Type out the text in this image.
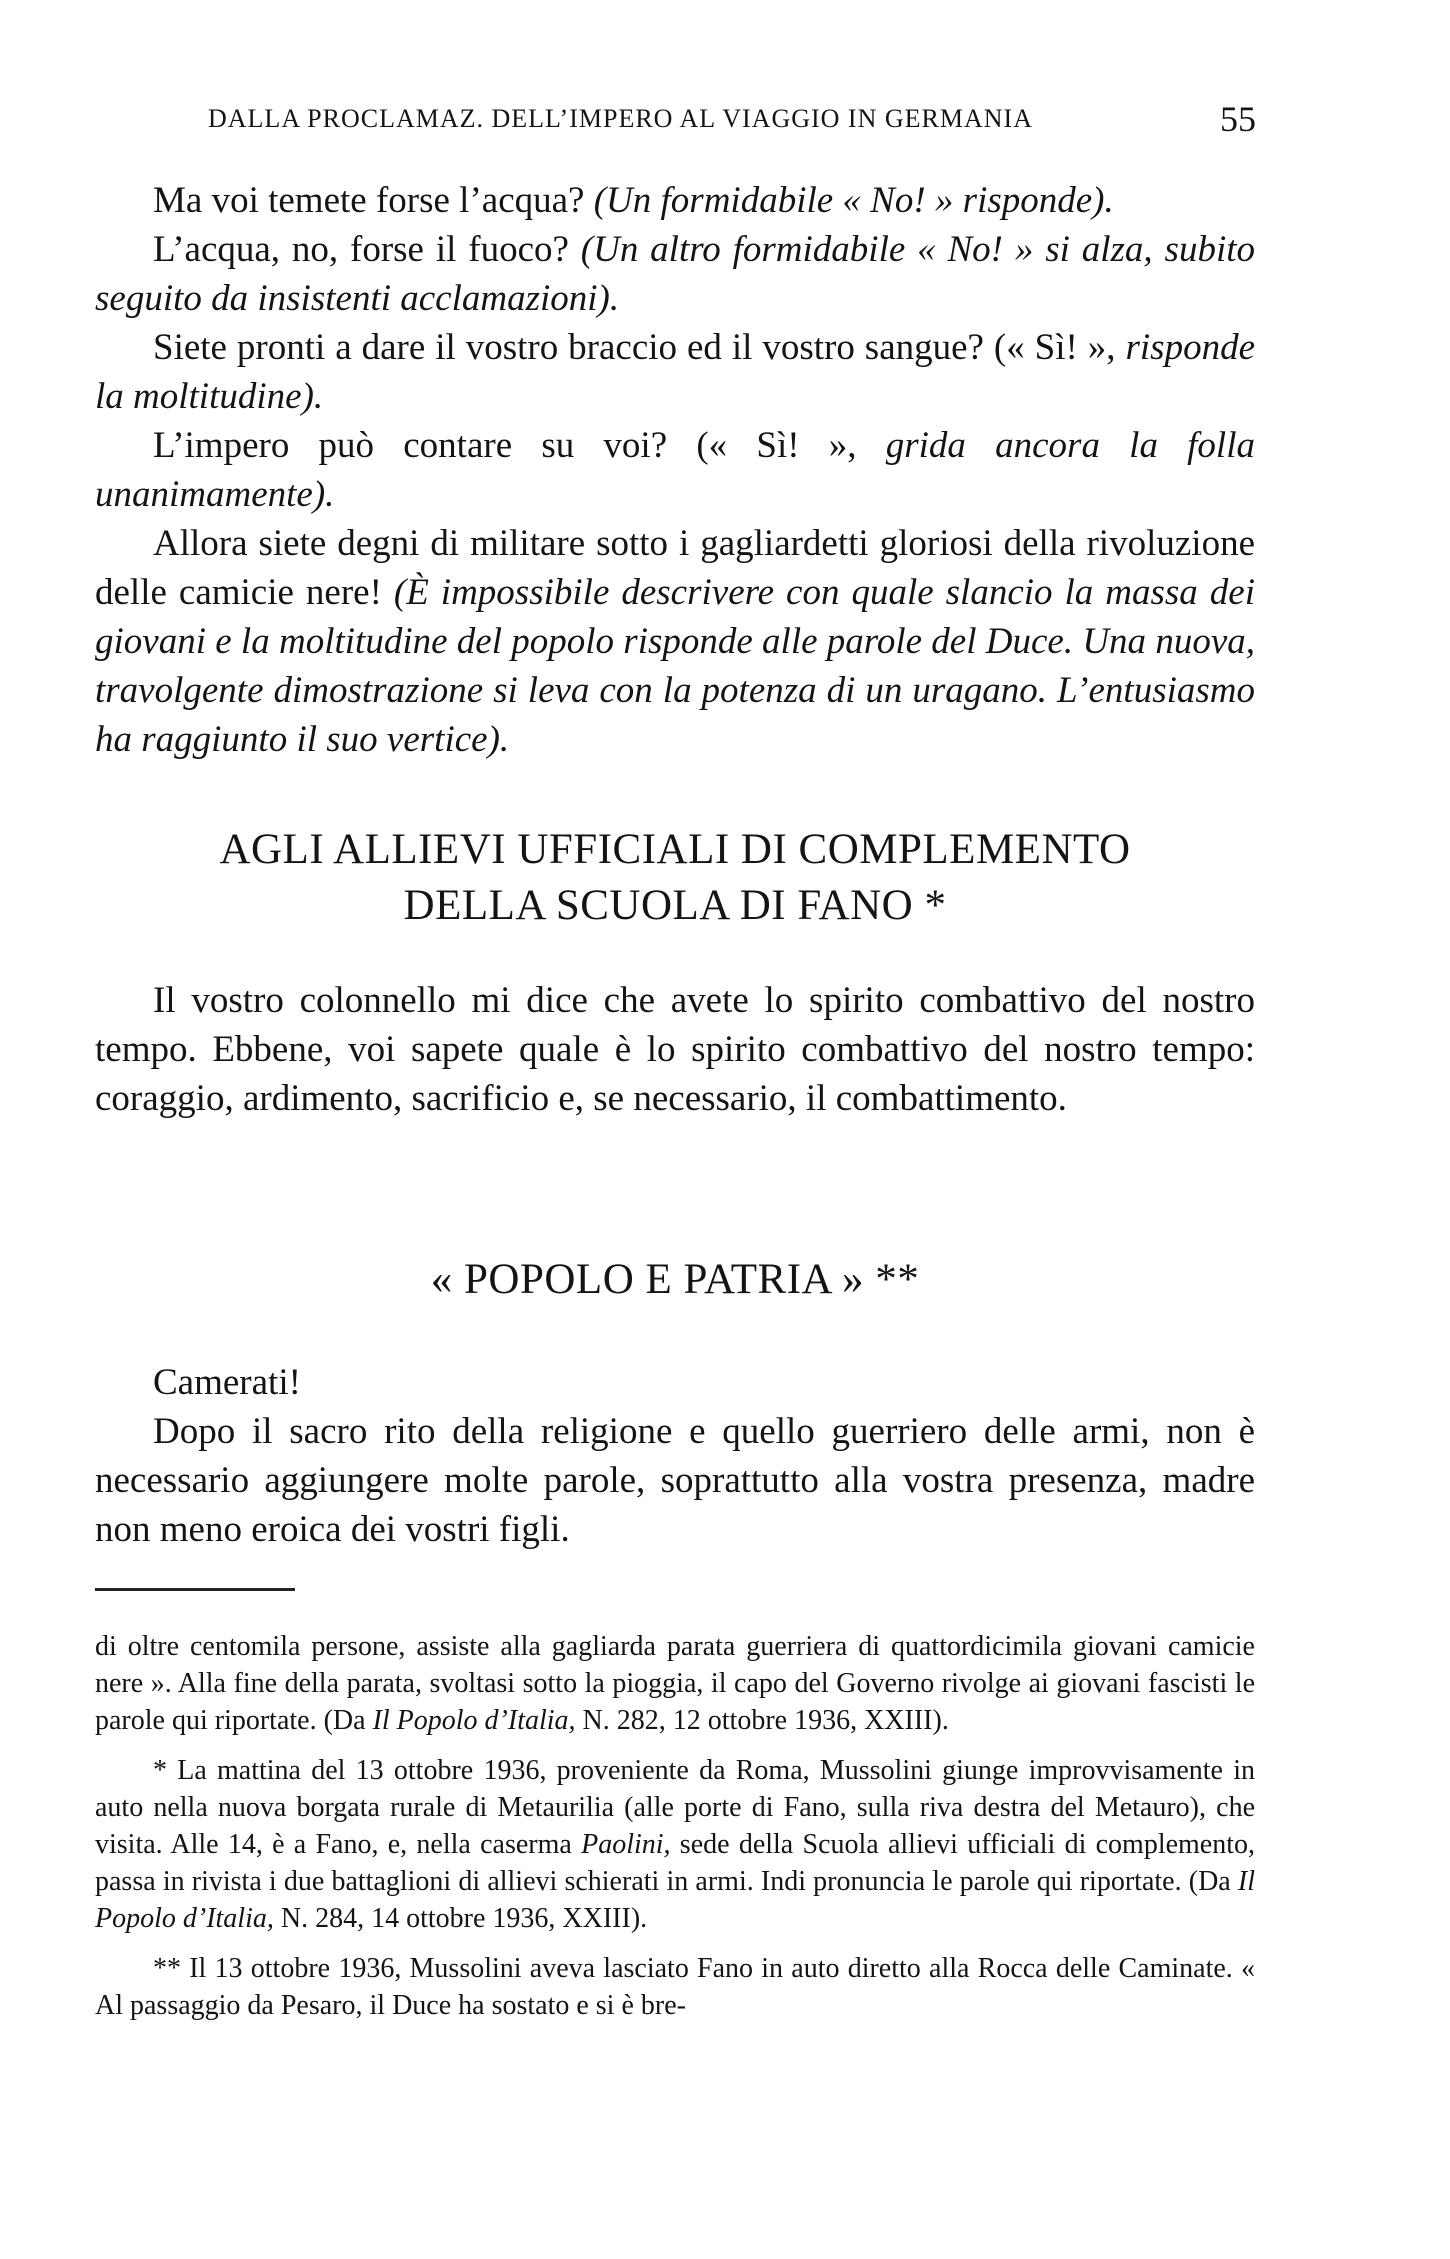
DALLA PROCLAMAZ. DELL’IMPERO AL VIAGGIO IN GERMANIA	55

Ma voi temete forse l’acqua? (Un formidabile « No! » risponde).

L’acqua, no, forse il fuoco? (Un altro formidabile « No! » si alza, subito seguito da insistenti acclamazioni).

Siete pronti a dare il vostro braccio ed il vostro sangue? (« Sì! », risponde la moltitudine).

L’impero può contare su voi? (« Sì! », grida ancora la folla unanimamente).

Allora siete degni di militare sotto i gagliardetti gloriosi della rivoluzione delle camicie nere! (È impossibile descrivere con quale slancio la massa dei giovani e la moltitudine del popolo risponde alle parole del Duce. Una nuova, travolgente dimostrazione si leva con la potenza di un uragano. L’entusiasmo ha raggiunto il suo vertice).

AGLI ALLIEVI UFFICIALI DI COMPLEMENTO
DELLA SCUOLA DI FANO *

Il vostro colonnello mi dice che avete lo spirito combattivo del nostro tempo. Ebbene, voi sapete quale è lo spirito combattivo del nostro tempo: coraggio, ardimento, sacrificio e, se necessario, il combattimento.

« POPOLO E PATRIA » **

Camerati!

Dopo il sacro rito della religione e quello guerriero delle armi, non è necessario aggiungere molte parole, soprattutto alla vostra presenza, madre non meno eroica dei vostri figli.

di oltre centomila persone, assiste alla gagliarda parata guerriera di quattordicimila giovani camicie nere ». Alla fine della parata, svoltasi sotto la pioggia, il capo del Governo rivolge ai giovani fascisti le parole qui riportate. (Da Il Popolo d’Italia, N. 282, 12 ottobre 1936, XXIII).

* La mattina del 13 ottobre 1936, proveniente da Roma, Mussolini giunge improvvisamente in auto nella nuova borgata rurale di Metaurilia (alle porte di Fano, sulla riva destra del Metauro), che visita. Alle 14, è a Fano, e, nella caserma Paolini, sede della Scuola allievi ufficiali di complemento, passa in rivista i due battaglioni di allievi schierati in armi. Indi pronuncia le parole qui riportate. (Da Il Popolo d’Italia, N. 284, 14 ottobre 1936, XXIII).

** Il 13 ottobre 1936, Mussolini aveva lasciato Fano in auto diretto alla Rocca delle Caminate. « Al passaggio da Pesaro, il Duce ha sostato e si è bre-
